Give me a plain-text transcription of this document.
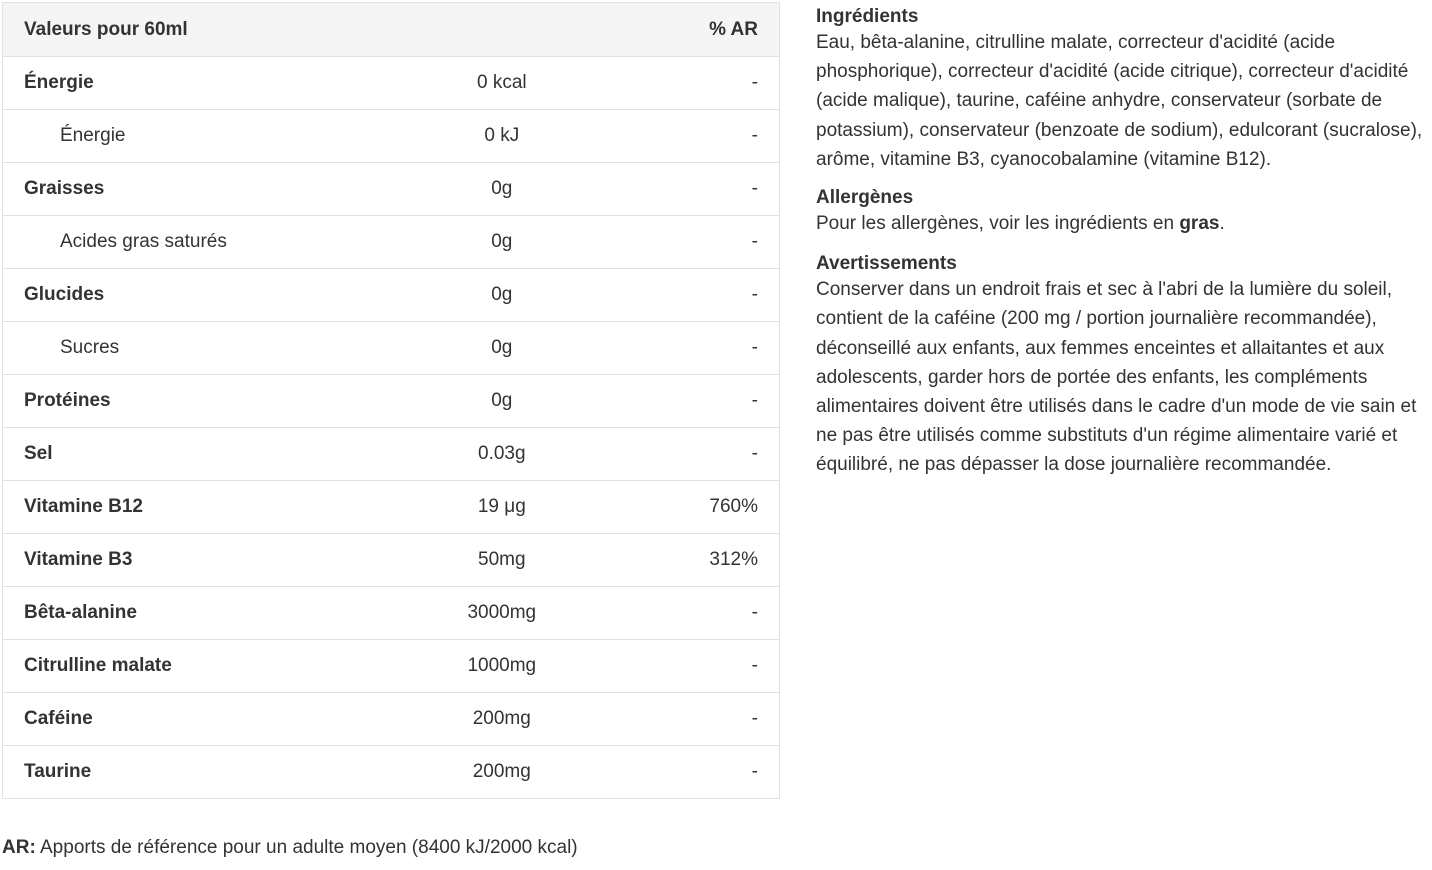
Valeurs pour 60ml		% AR
Énergie	0 kcal	-
Énergie	0 kJ	-
Graisses	0g	-
Acides gras saturés	0g	-
Glucides	0g	-
Sucres	0g	-
Protéines	0g	-
Sel	0.03g	-
Vitamine B12	19 μg	760%
Vitamine B3	50mg	312%
Bêta-alanine	3000mg	-
Citrulline malate	1000mg	-
Caféine	200mg	-
Taurine	200mg	-
AR: Apports de référence pour un adulte moyen (8400 kJ/2000 kcal)
Ingrédients

Eau, bêta-alanine, citrulline malate, correcteur d'acidité (acide phosphorique), correcteur d'acidité (acide citrique), correcteur d'acidité (acide malique), taurine, caféine anhydre, conservateur (sorbate de potassium), conservateur (benzoate de sodium), edulcorant (sucralose), arôme, vitamine B3, cyanocobalamine (vitamine B12).

Allergènes

Pour les allergènes, voir les ingrédients en gras.

Avertissements

Conserver dans un endroit frais et sec à l'abri de la lumière du soleil, contient de la caféine (200 mg / portion journalière recommandée), déconseillé aux enfants, aux femmes enceintes et allaitantes et aux adolescents, garder hors de portée des enfants, les compléments alimentaires doivent être utilisés dans le cadre d'un mode de vie sain et ne pas être utilisés comme substituts d'un régime alimentaire varié et équilibré, ne pas dépasser la dose journalière recommandée.
